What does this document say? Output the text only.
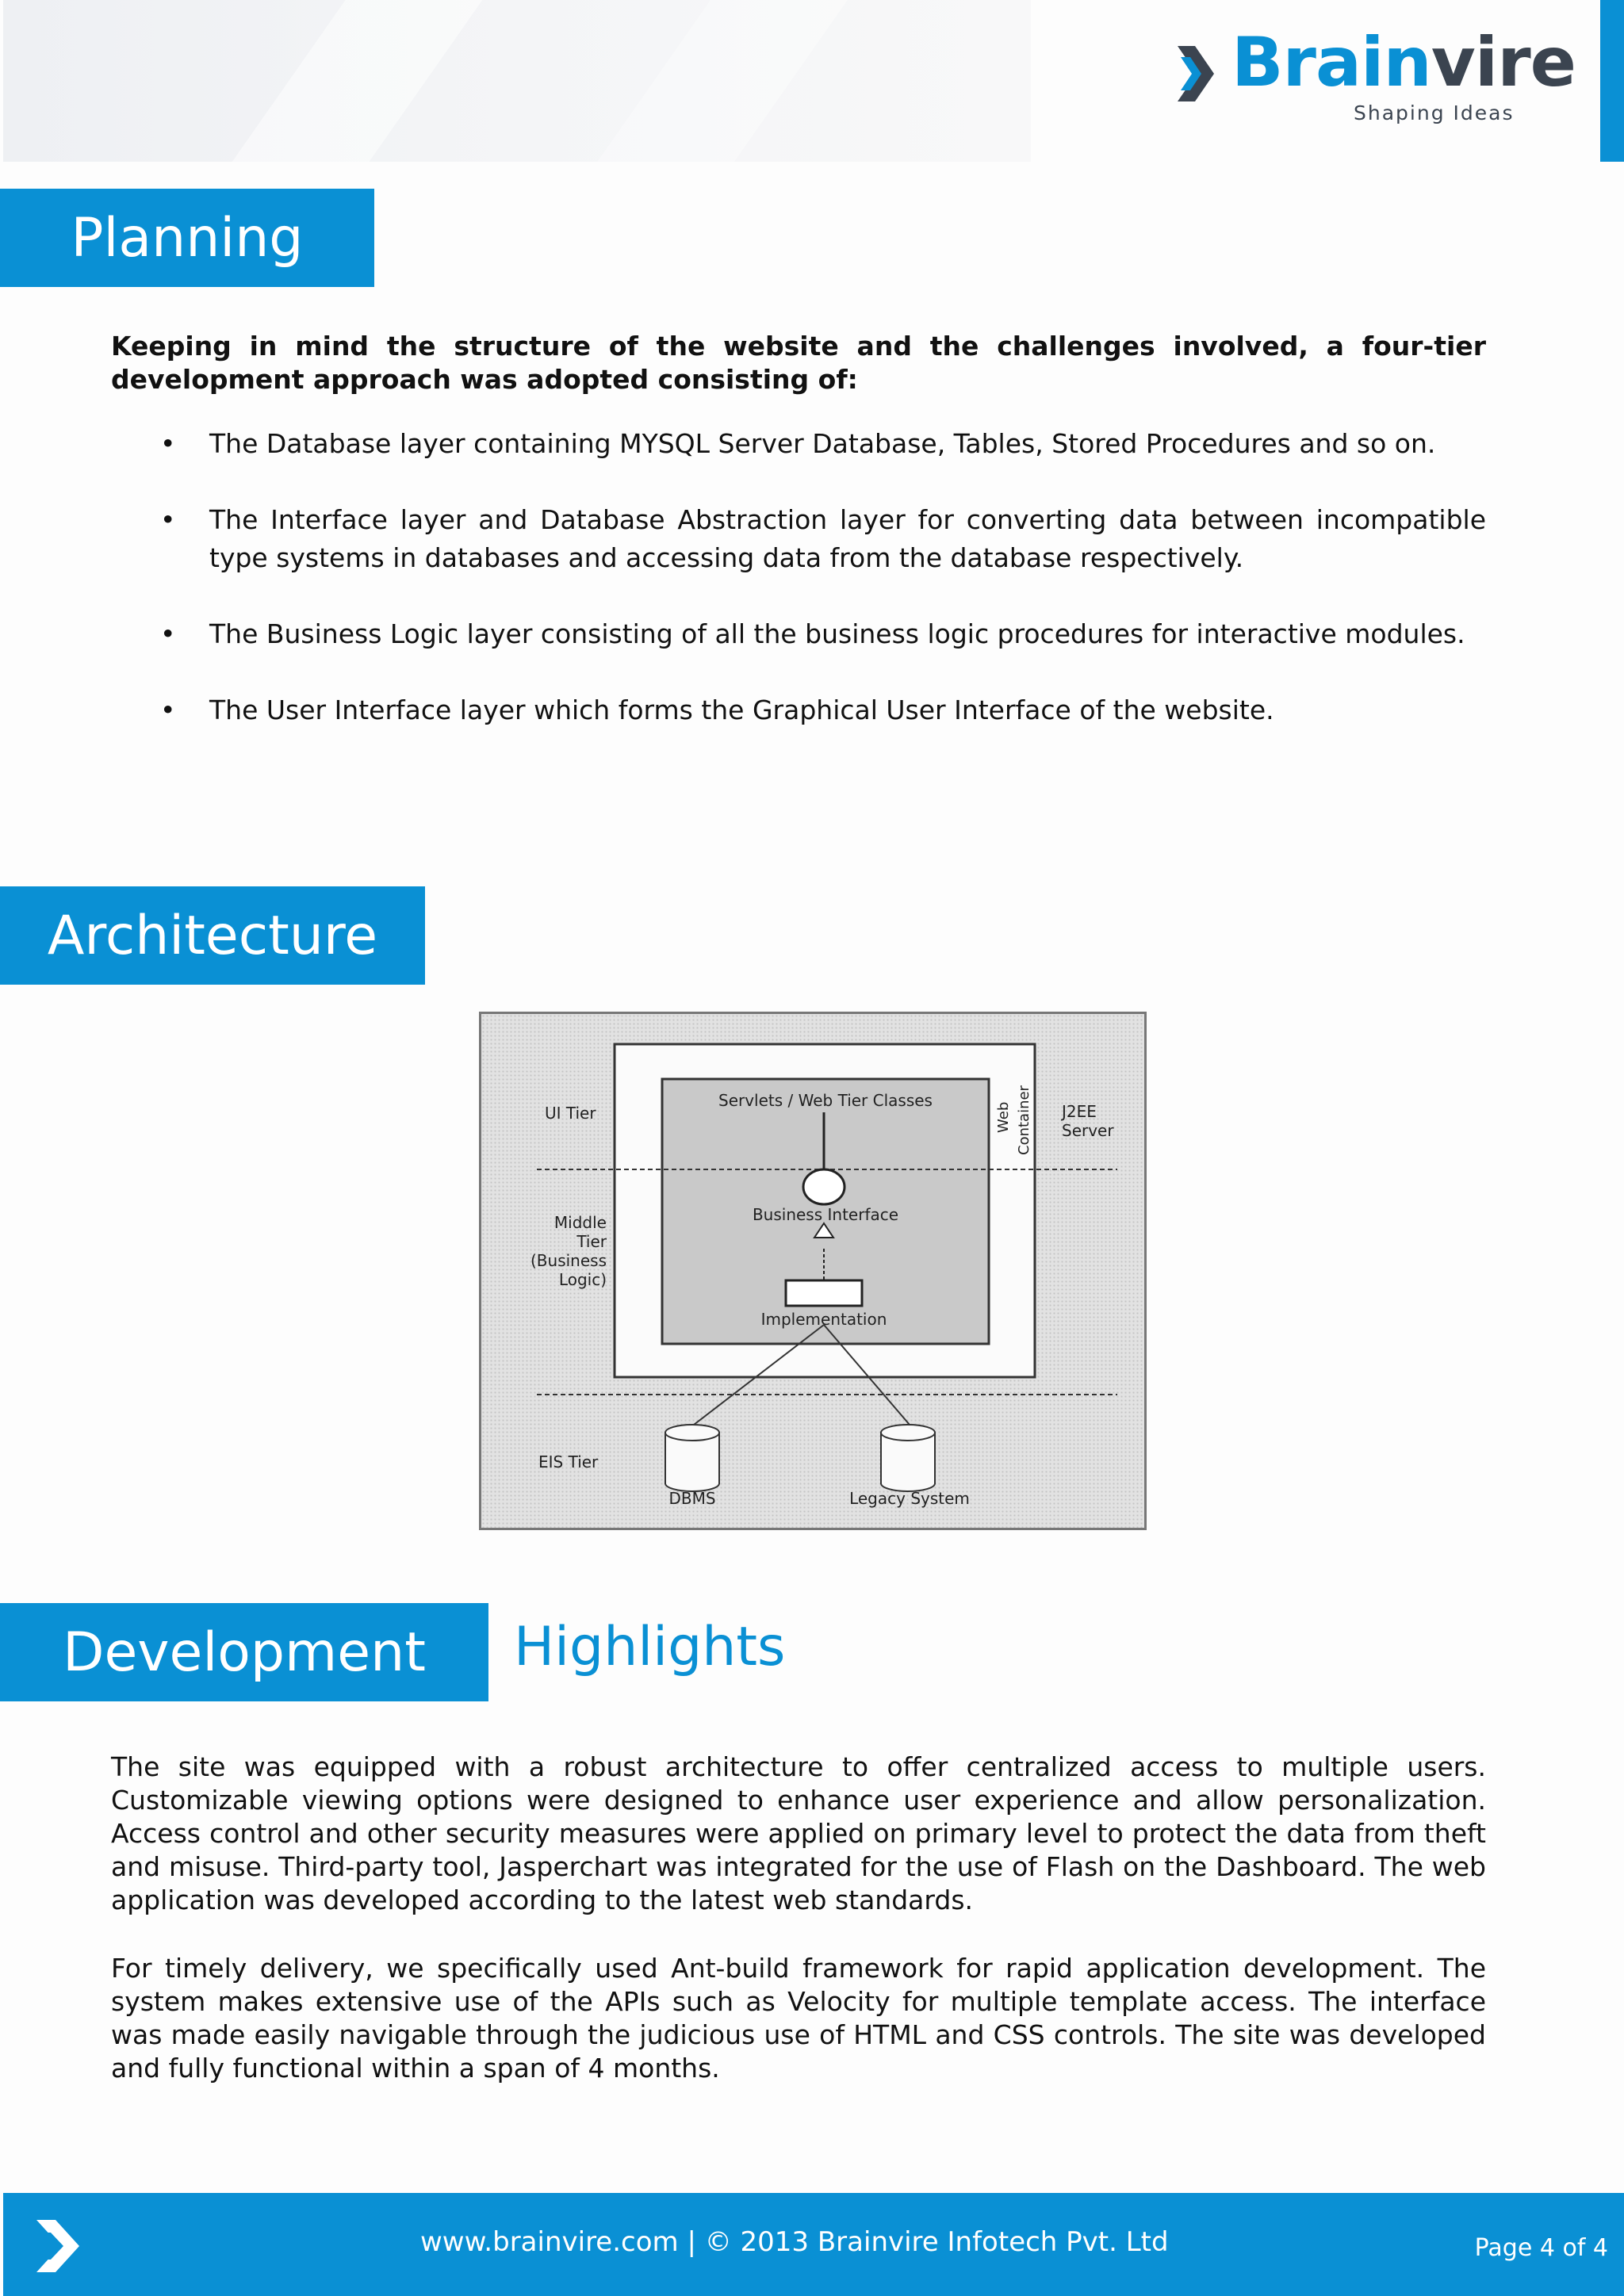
Brainvire
Shaping Ideas
Planning
Keeping in mind the structure of the website and the challenges involved, a four-tier development approach was adopted consisting of:
• The Database layer containing MYSQL Server Database, Tables, Stored Procedures and so on.
• The Interface layer and Database Abstraction layer for converting data between incompatible type systems in databases and accessing data from the database respectively.
• The Business Logic layer consisting of all the business logic procedures for interactive modules.
• The User Interface layer which forms the Graphical User Interface of the website.
Architecture
UI Tier
Middle
Tier
(Business
Logic)
EIS Tier
Servlets / Web Tier Classes
Business Interface
Implementation
DBMS	Legacy System
J2EE
Server
Web Container
Development	Highlights
The site was equipped with a robust architecture to offer centralized access to multiple users. Customizable viewing options were designed to enhance user experience and allow personalization. Access control and other security measures were applied on primary level to protect the data from theft and misuse. Third-party tool, Jasperchart was integrated for the use of Flash on the Dashboard. The web application was developed according to the latest web standards.
For timely delivery, we specifically used Ant-build framework for rapid application development. The system makes extensive use of the APIs such as Velocity for multiple template access. The interface was made easily navigable through the judicious use of HTML and CSS controls. The site was developed and fully functional within a span of 4 months.
www.brainvire.com | © 2013 Brainvire Infotech Pvt. Ltd	Page 4 of 4
